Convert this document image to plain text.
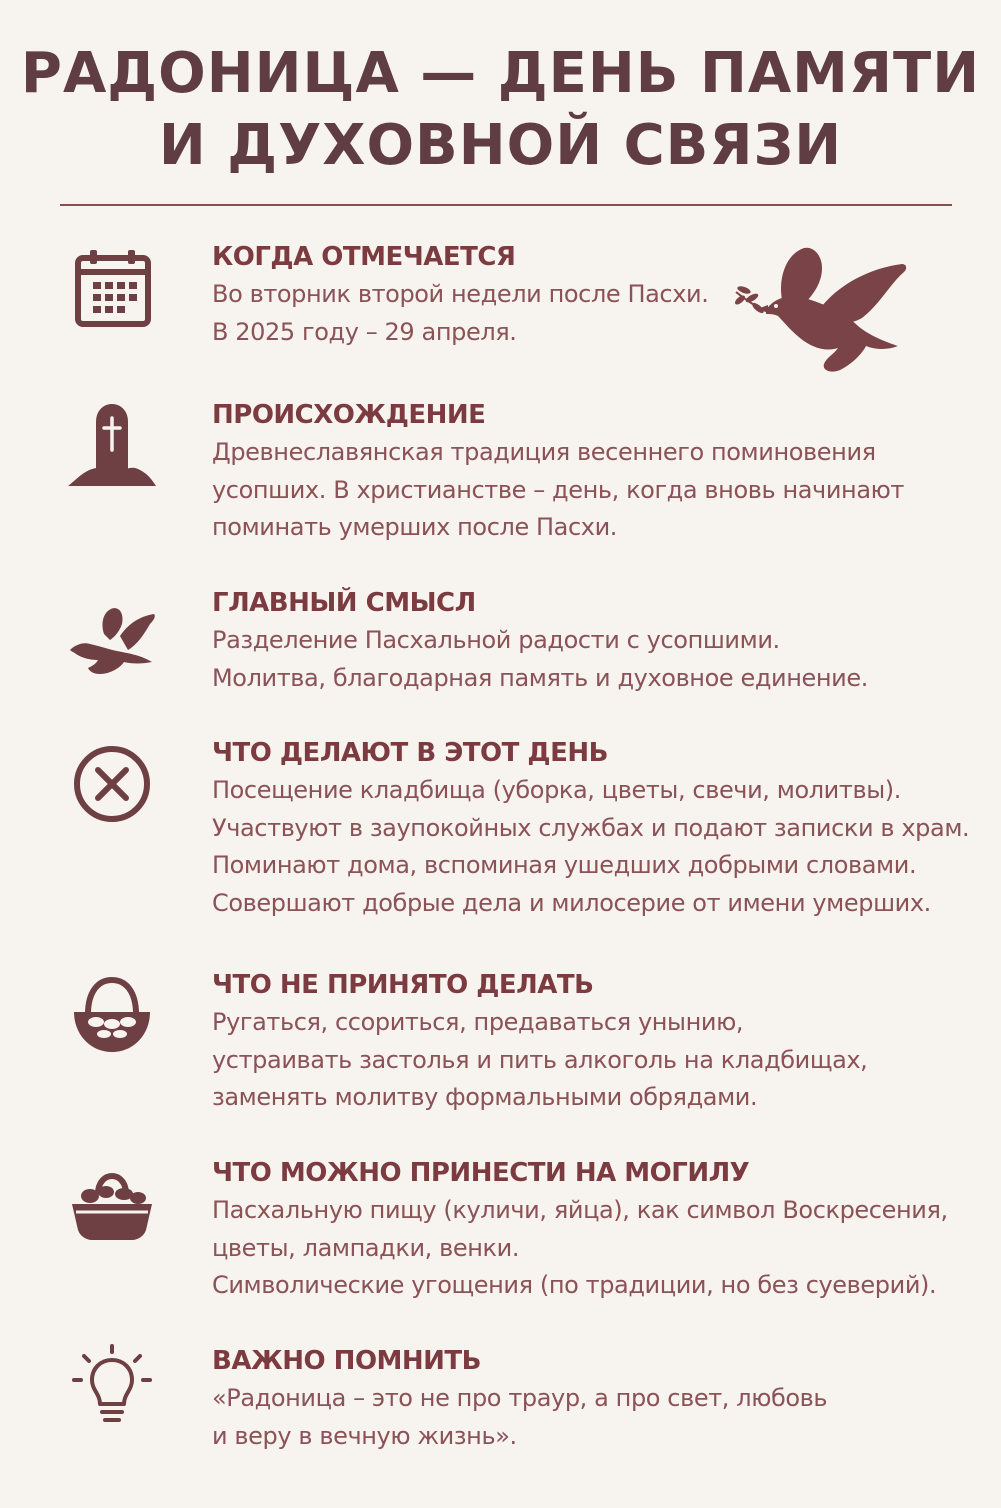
РАДОНИЦА — ДЕНЬ ПАМЯТИ
И ДУХОВНОЙ СВЯЗИ
КОГДА ОТМЕЧАЕТСЯ
Во вторник второй недели после Пасхи.
В 2025 году – 29 апреля.
ПРОИСХОЖДЕНИЕ
Древнеславянская традиция весеннего поминовения
усопших. В христианстве – день, когда вновь начинают
поминать умерших после Пасхи.
ГЛАВНЫЙ СМЫСЛ
Разделение Пасхальной радости с усопшими.
Молитва, благодарная память и духовное единение.
ЧТО ДЕЛАЮТ В ЭТОТ ДЕНЬ
Посещение кладбища (уборка, цветы, свечи, молитвы).
Участвуют в заупокойных службах и подают записки в храм.
Поминают дома, вспоминая ушедших добрыми словами.
Совершают добрые дела и милосерие от имени умерших.
ЧТО НЕ ПРИНЯТО ДЕЛАТЬ
Ругаться, ссориться, предаваться унынию,
устраивать застолья и пить алкоголь на кладбищах,
заменять молитву формальными обрядами.
ЧТО МОЖНО ПРИНЕСТИ НА МОГИЛУ
Пасхальную пищу (куличи, яйца), как символ Воскресения,
цветы, лампадки, венки.
Символические угощения (по традиции, но без суеверий).
ВАЖНО ПОМНИТЬ
«Радоница – это не про траур, а про свет, любовь
и веру в вечную жизнь».
